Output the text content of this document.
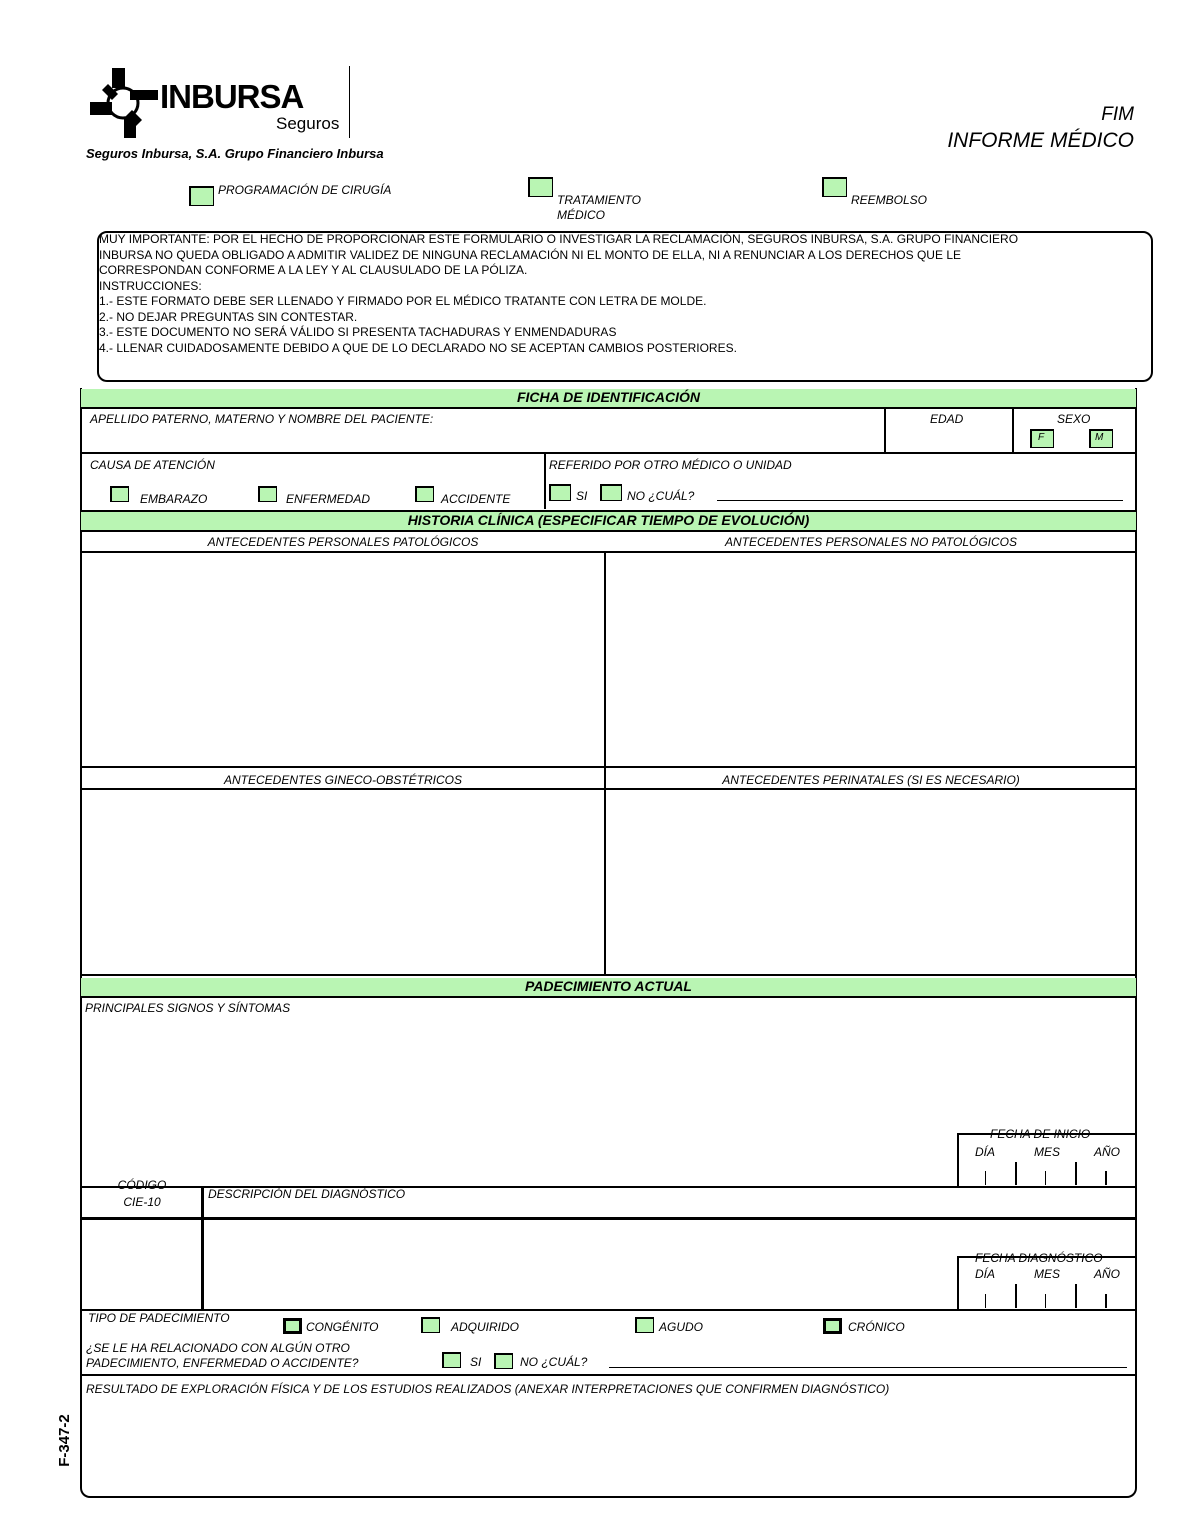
INBURSA
Seguros
Seguros Inbursa, S.A. Grupo Financiero Inbursa
FIM
INFORME MÉDICO
PROGRAMACIÓN DE CIRUGÍA
TRATAMIENTO
MÉDICO
REEMBOLSO
MUY IMPORTANTE: POR EL HECHO DE PROPORCIONAR ESTE FORMULARIO O INVESTIGAR LA RECLAMACIÓN, SEGUROS INBURSA, S.A. GRUPO FINANCIERO
INBURSA NO QUEDA OBLIGADO A ADMITIR VALIDEZ DE NINGUNA RECLAMACIÓN NI EL MONTO DE ELLA, NI A RENUNCIAR A LOS DERECHOS QUE LE
CORRESPONDAN CONFORME A LA LEY Y AL CLAUSULADO DE LA PÓLIZA.
INSTRUCCIONES:
1.- ESTE FORMATO DEBE SER LLENADO Y FIRMADO POR EL MÉDICO TRATANTE CON LETRA DE MOLDE.
2.- NO DEJAR PREGUNTAS SIN CONTESTAR.
3.- ESTE DOCUMENTO NO SERÁ VÁLIDO SI PRESENTA TACHADURAS Y ENMENDADURAS
4.- LLENAR CUIDADOSAMENTE DEBIDO A QUE DE LO DECLARADO NO SE ACEPTAN CAMBIOS POSTERIORES.
FICHA DE IDENTIFICACIÓN
APELLIDO PATERNO, MATERNO Y NOMBRE DEL PACIENTE:	EDAD	SEXO
F	M
CAUSA DE ATENCIÓN
EMBARAZO	ENFERMEDAD	ACCIDENTE
REFERIDO POR OTRO MÉDICO O UNIDAD
SI	NO ¿CUÁL?
HISTORIA CLÍNICA (ESPECIFICAR TIEMPO DE EVOLUCIÓN)
ANTECEDENTES PERSONALES PATOLÓGICOS	ANTECEDENTES PERSONALES NO PATOLÓGICOS
ANTECEDENTES GINECO-OBSTÉTRICOS	ANTECEDENTES PERINATALES (SI ES NECESARIO)
PADECIMIENTO ACTUAL
PRINCIPALES SIGNOS Y SÍNTOMAS
FECHA DE INICIO
DÍA	MES	AÑO
CÓDIGO
CIE-10
DESCRIPCIÓN DEL DIAGNÓSTICO
FECHA DIAGNÓSTICO
DÍA	MES	AÑO
TIPO DE PADECIMIENTO
CONGÉNITO	ADQUIRIDO	AGUDO	CRÓNICO
¿SE LE HA RELACIONADO CON ALGÚN OTRO
PADECIMIENTO, ENFERMEDAD O ACCIDENTE?	SI	NO ¿CUÁL?
RESULTADO DE EXPLORACIÓN FÍSICA Y DE LOS ESTUDIOS REALIZADOS (ANEXAR INTERPRETACIONES QUE CONFIRMEN DIAGNÓSTICO)
F-347-2
